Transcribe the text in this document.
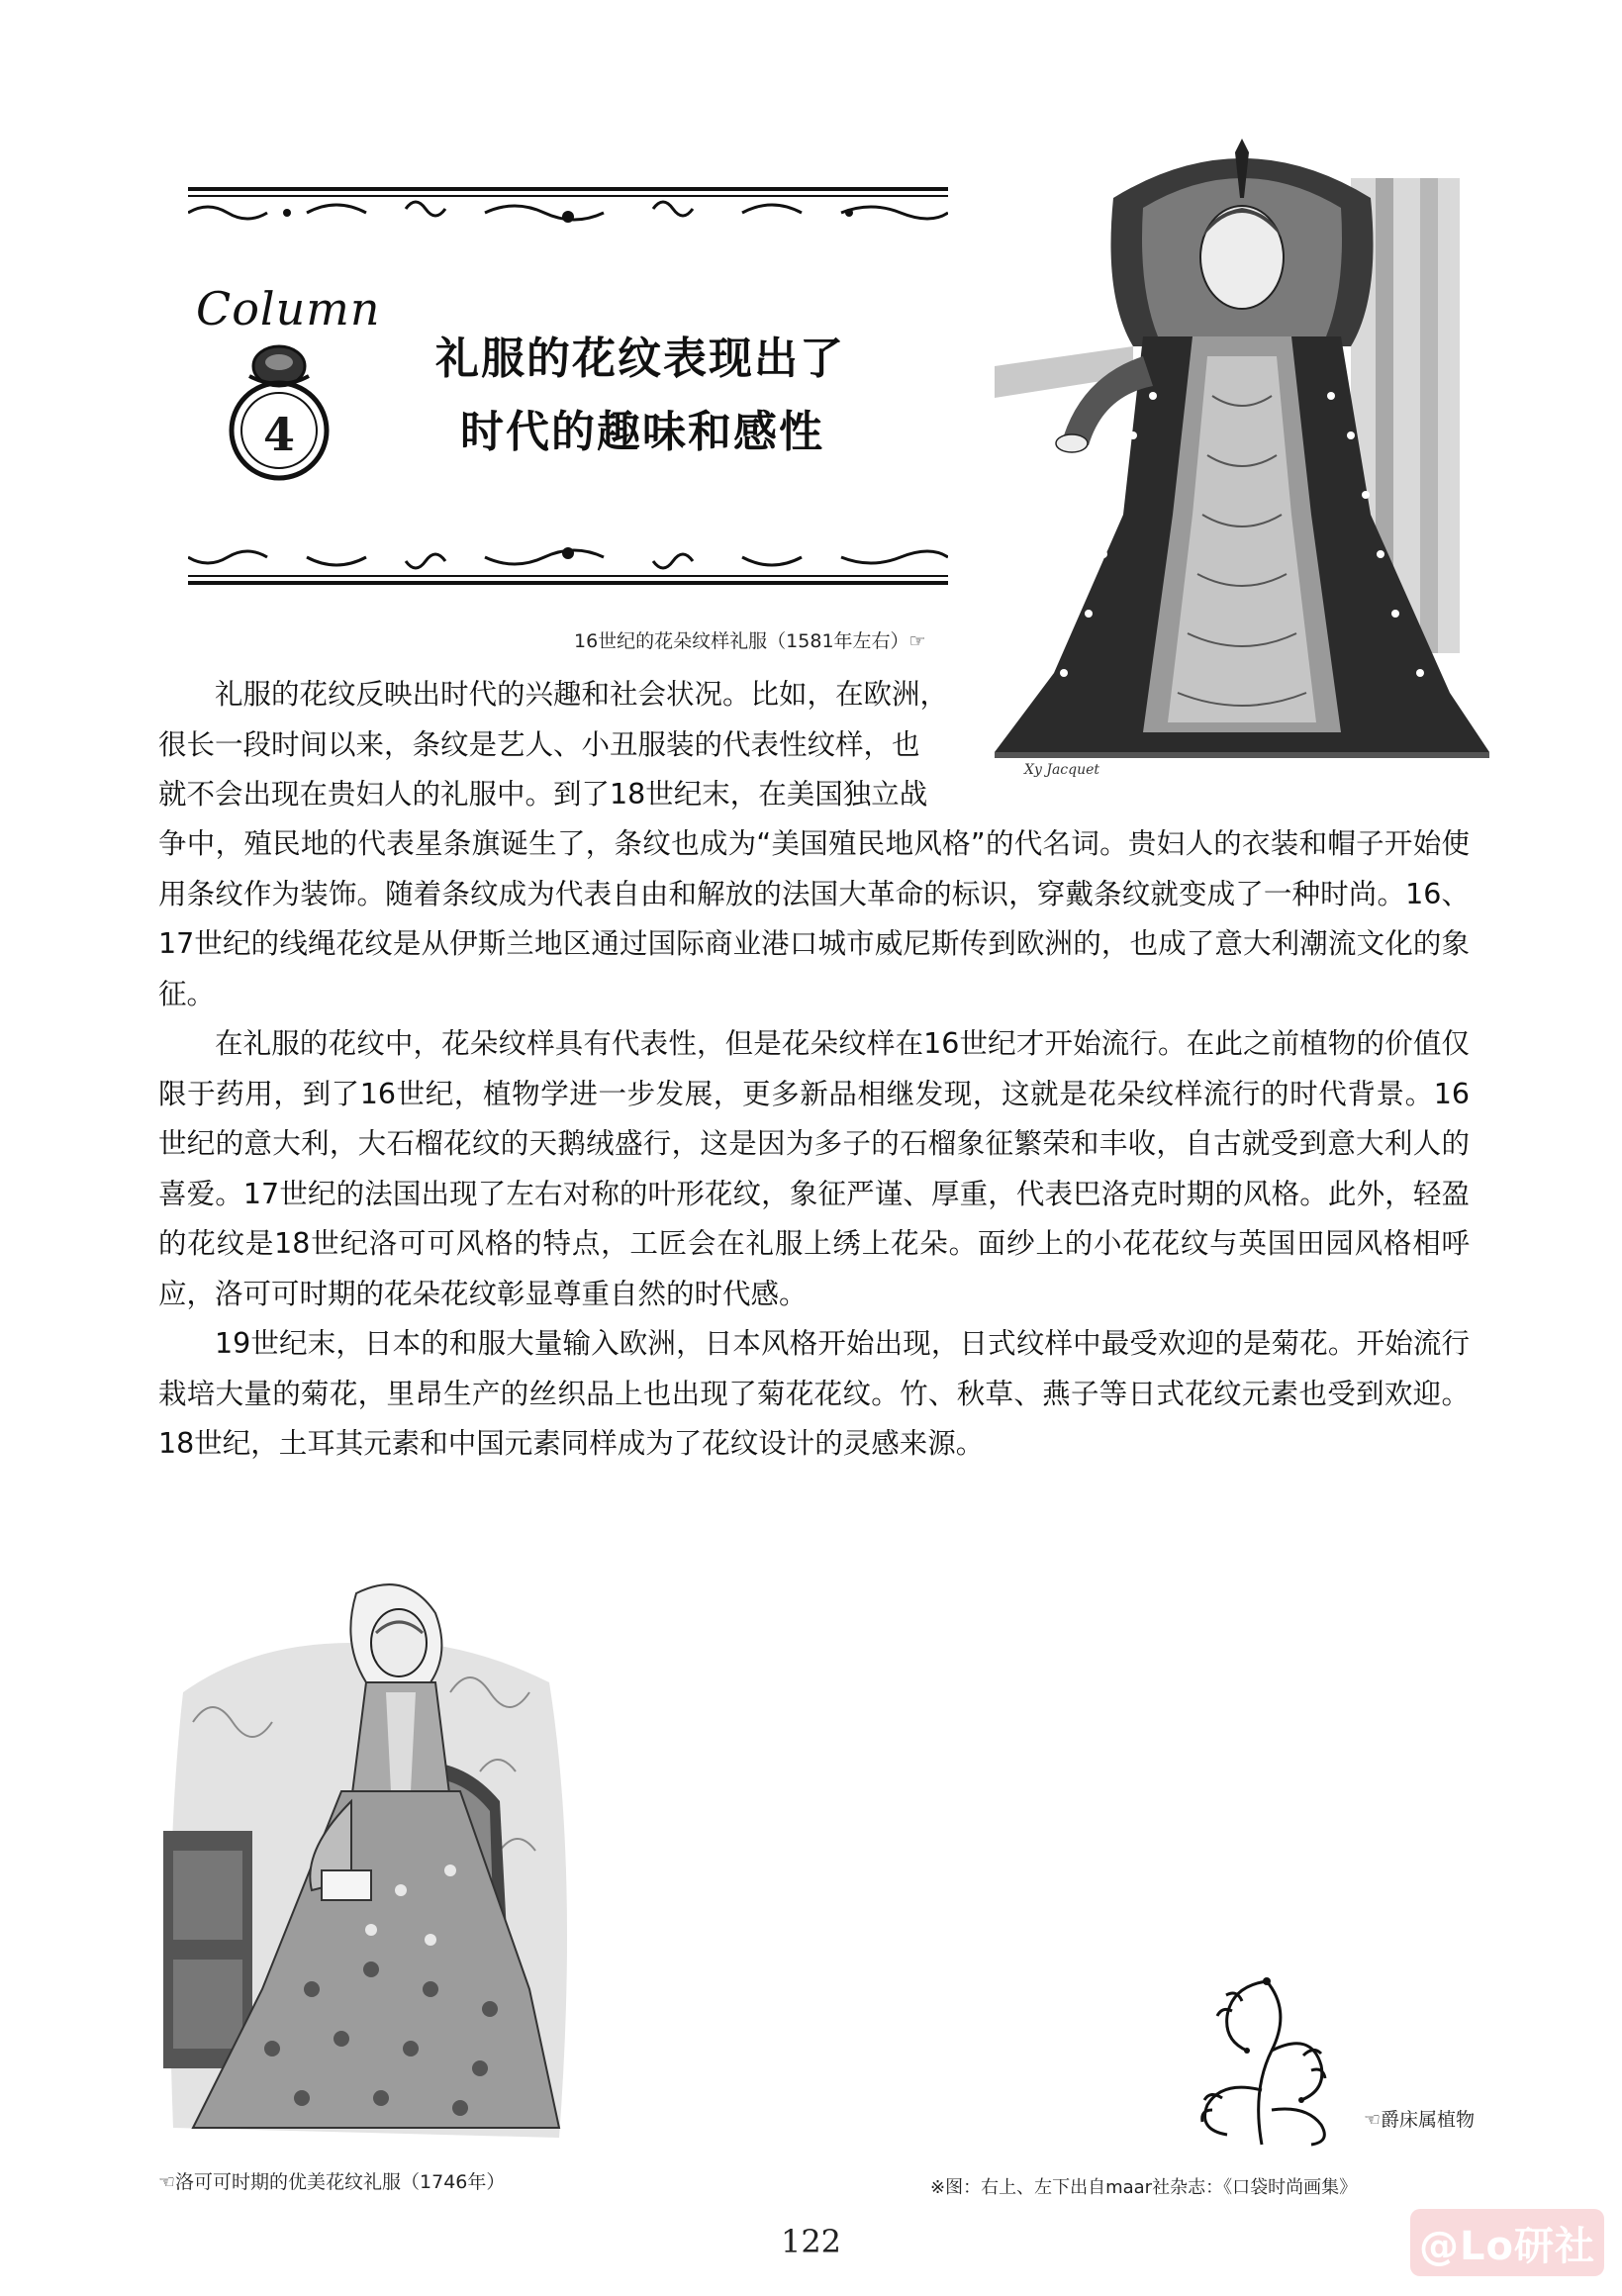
Column
4
礼服的花纹表现出了
时代的趣味和感性
Xy Jacquet
16世纪的花朵纹样礼服（1581年左右）☞
礼服的花纹反映出时代的兴趣和社会状况。比如，在欧洲，
很长一段时间以来，条纹是艺人、小丑服装的代表性纹样，也
就不会出现在贵妇人的礼服中。到了18世纪末，在美国独立战

争中，殖民地的代表星条旗诞生了，条纹也成为“美国殖民地风格”的代名词。贵妇人的衣装和帽子开始使用条纹作为装饰。随着条纹成为代表自由和解放的法国大革命的标识，穿戴条纹就变成了一种时尚。16、17世纪的线绳花纹是从伊斯兰地区通过国际商业港口城市威尼斯传到欧洲的，也成了意大利潮流文化的象征。

在礼服的花纹中，花朵纹样具有代表性，但是花朵纹样在16世纪才开始流行。在此之前植物的价值仅限于药用，到了16世纪，植物学进一步发展，更多新品相继发现，这就是花朵纹样流行的时代背景。16世纪的意大利，大石榴花纹的天鹅绒盛行，这是因为多子的石榴象征繁荣和丰收，自古就受到意大利人的喜爱。17世纪的法国出现了左右对称的叶形花纹，象征严谨、厚重，代表巴洛克时期的风格。此外，轻盈的花纹是18世纪洛可可风格的特点，工匠会在礼服上绣上花朵。面纱上的小花花纹与英国田园风格相呼应，洛可可时期的花朵花纹彰显尊重自然的时代感。

19世纪末，日本的和服大量输入欧洲，日本风格开始出现，日式纹样中最受欢迎的是菊花。开始流行栽培大量的菊花，里昂生产的丝织品上也出现了菊花花纹。竹、秋草、燕子等日式花纹元素也受到欢迎。18世纪，土耳其元素和中国元素同样成为了花纹设计的灵感来源。

☜洛可可时期的优美花纹礼服（1746年）
☜爵床属植物
※图：右上、左下出自maar社杂志：《口袋时尚画集》
122	@Lo研社
